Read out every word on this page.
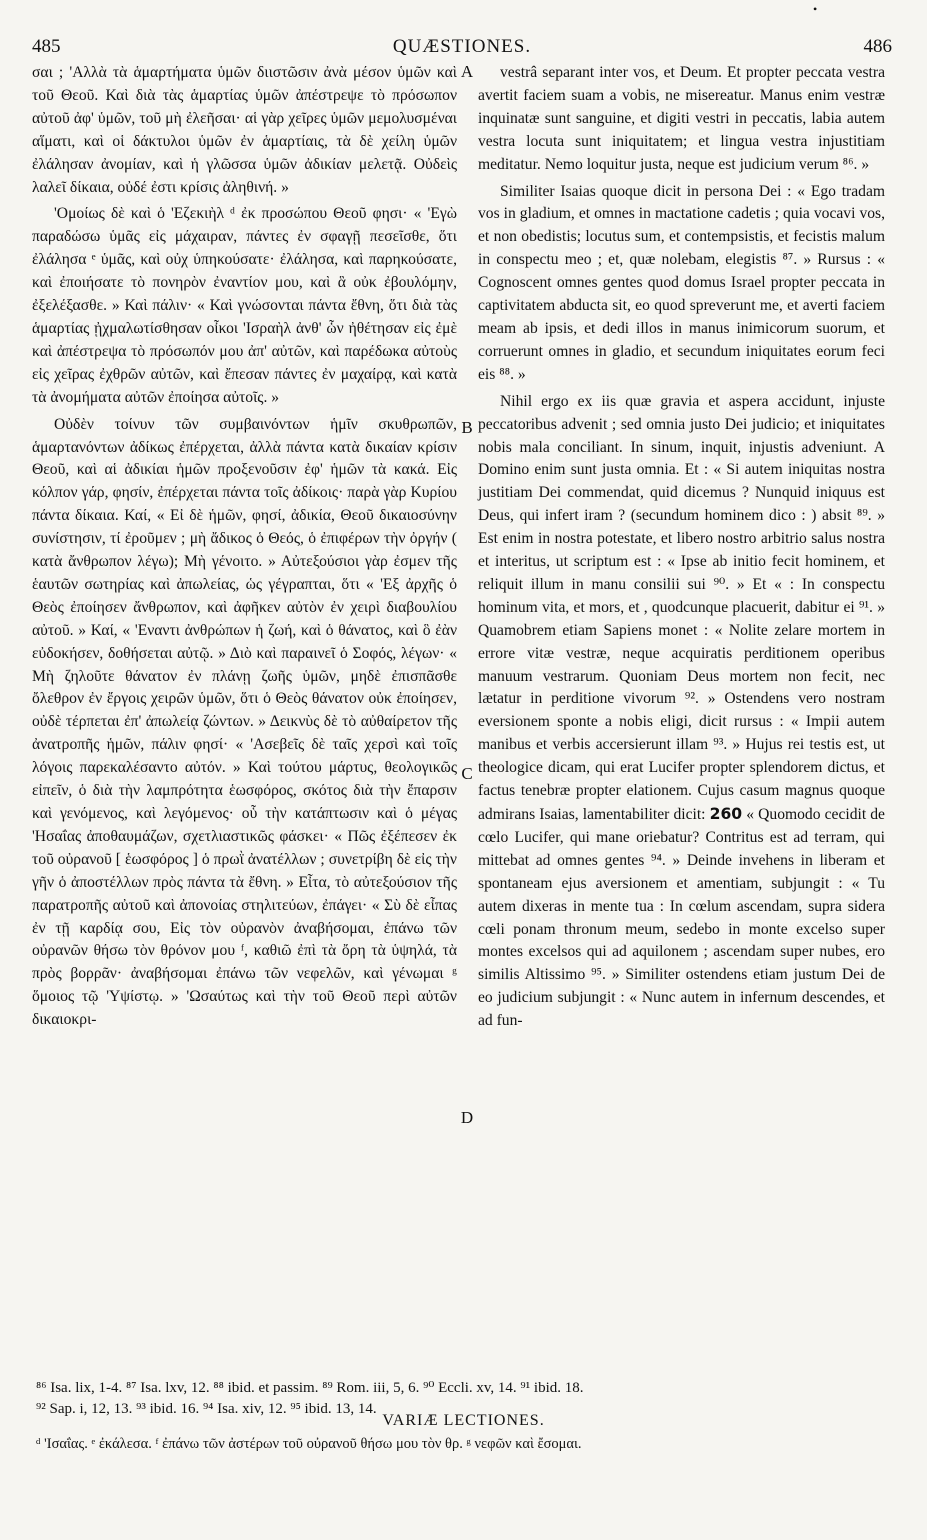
•
485	QUÆSTIONES.	486

σαι ; 'Αλλὰ τὰ ἁμαρτήματα ὑμῶν διιστῶσιν ἀνὰ μέσον ὑμῶν καὶ τοῦ Θεοῦ. Καὶ διὰ τὰς ἁμαρτίας ὑμῶν ἀπέστρεψε τὸ πρόσωπον αὐτοῦ ἀφ' ὑμῶν, τοῦ μὴ ἐλεῆσαι· αἱ γὰρ χεῖρες ὑμῶν μεμολυσμέναι αἵματι, καὶ οἱ δάκτυλοι ὑμῶν ἐν ἁμαρτίαις, τὰ δὲ χείλη ὑμῶν ἐλάλησαν ἀνομίαν, καὶ ἡ γλῶσσα ὑμῶν ἀδικίαν μελετᾷ. Οὐδεὶς λαλεῖ δίκαια, οὐδέ ἐστι κρίσις ἀληθινή. »

'Ομοίως δὲ καὶ ὁ 'Εζεκιὴλ ᵈ ἐκ προσώπου Θεοῦ φησι· « 'Εγὼ παραδώσω ὑμᾶς εἰς μάχαιραν, πάντες ἐν σφαγῇ πεσεῖσθε, ὅτι ἐλάλησα ᵉ ὑμᾶς, καὶ οὐχ ὑπηκούσατε· ἐλάλησα, καὶ παρηκούσατε, καὶ ἐποιήσατε τὸ πονηρὸν ἐναντίον μου, καὶ ἃ οὐκ ἐβουλόμην, ἐξελέξασθε. » Καὶ πάλιν· « Καὶ γνώσονται πάντα ἔθνη, ὅτι διὰ τὰς ἁμαρτίας ᾐχμαλωτίσθησαν οἶκοι 'Ισραὴλ ἀνθ' ὧν ἠθέτησαν εἰς ἐμὲ καὶ ἀπέστρεψα τὸ πρόσωπόν μου ἀπ' αὐτῶν, καὶ παρέδωκα αὐτοὺς εἰς χεῖρας ἐχθρῶν αὐτῶν, καὶ ἔπεσαν πάντες ἐν μαχαίρᾳ, καὶ κατὰ τὰ ἀνομήματα αὐτῶν ἐποίησα αὐτοῖς. »

Οὐδὲν τοίνυν τῶν συμβαινόντων ἡμῖν σκυθρωπῶν, ἁμαρτανόντων ἀδίκως ἐπέρχεται, ἀλλὰ πάντα κατὰ δικαίαν κρίσιν Θεοῦ, καὶ αἱ ἀδικίαι ἡμῶν προξενοῦσιν ἐφ' ἡμῶν τὰ κακά. Εἰς κόλπον γάρ, φησίν, ἐπέρχεται πάντα τοῖς ἀδίκοις· παρὰ γὰρ Κυρίου πάντα δίκαια. Καί, « Εἰ δὲ ἡμῶν, φησί, ἀδικία, Θεοῦ δικαιοσύνην συνίστησιν, τί ἐροῦμεν ; μὴ ἄδικος ὁ Θεός, ὁ ἐπιφέρων τὴν ὀργήν ( κατὰ ἄνθρωπον λέγω); Μὴ γένοιτο. » Αὐτεξούσιοι γὰρ ἐσμεν τῆς ἑαυτῶν σωτηρίας καὶ ἀπωλείας, ὡς γέγραπται, ὅτι « 'Εξ ἀρχῆς ὁ Θεὸς ἐποίησεν ἄνθρωπον, καὶ ἀφῆκεν αὐτὸν ἐν χειρὶ διαβουλίου αὐτοῦ. » Καί, « 'Εναντι ἀνθρώπων ἡ ζωή, καὶ ὁ θάνατος, καὶ ὃ ἐὰν εὐδοκήσεν, δοθήσεται αὐτῷ. » Διὸ καὶ παραινεῖ ὁ Σοφός, λέγων· « Μὴ ζηλοῦτε θάνατον ἐν πλάνῃ ζωῆς ὑμῶν, μηδὲ ἐπισπᾶσθε ὄλεθρον ἐν ἔργοις χειρῶν ὑμῶν, ὅτι ὁ Θεὸς θάνατον οὐκ ἐποίησεν, οὐδὲ τέρπεται ἐπ' ἀπωλείᾳ ζώντων. » Δεικνὺς δὲ τὸ αὐθαίρετον τῆς ἀνατροπῆς ἡμῶν, πάλιν φησί· « 'Ασεβεῖς δὲ ταῖς χερσὶ καὶ τοῖς λόγοις παρεκαλέσαντο αὐτόν. » Καὶ τούτου μάρτυς, θεολογικῶς εἰπεῖν, ὁ διὰ τὴν λαμπρότητα ἑωσφόρος, σκότος διὰ τὴν ἔπαρσιν καὶ γενόμενος, καὶ λεγόμενος· οὗ τὴν κατάπτωσιν καὶ ὁ μέγας 'Ησαΐας ἀποθαυμάζων, σχετλιαστικῶς φάσκει· « Πῶς ἐξέπεσεν ἐκ τοῦ οὐρανοῦ [ ἑωσφόρος ] ὁ πρωῒ ἀνατέλλων ; συνετρίβη δὲ εἰς τὴν γῆν ὁ ἀποστέλλων πρὸς πάντα τὰ ἔθνη. » Εἶτα, τὸ αὐτεξούσιον τῆς παρατροπῆς αὐτοῦ καὶ ἀπονοίας στηλιτεύων, ἐπάγει· « Σὺ δὲ εἶπας ἐν τῇ καρδίᾳ σου, Εἰς τὸν οὐρανὸν ἀναβήσομαι, ἐπάνω τῶν οὐρανῶν θήσω τὸν θρόνον μου ᶠ, καθιῶ ἐπὶ τὰ ὄρη τὰ ὑψηλά, τὰ πρὸς βορρᾶν· ἀναβήσομαι ἐπάνω τῶν νεφελῶν, καὶ γένωμαι ᵍ ὅμοιος τῷ 'Υψίστῳ. » 'Ωσαύτως καὶ τὴν τοῦ Θεοῦ περὶ αὐτῶν δικαιοκρι-

A
B
C
D

vestrâ separant inter vos, et Deum. Et propter peccata vestra avertit faciem suam a vobis, ne misereatur. Manus enim vestræ inquinatæ sunt sanguine, et digiti vestri in peccatis, labia autem vestra locuta sunt iniquitatem; et lingua vestra injustitiam meditatur. Nemo loquitur justa, neque est judicium verum ⁸⁶. »

Similiter Isaias quoque dicit in persona Dei : « Ego tradam vos in gladium, et omnes in mactatione cadetis ; quia vocavi vos, et non obedistis; locutus sum, et contempsistis, et fecistis malum in conspectu meo ; et, quæ nolebam, elegistis ⁸⁷. » Rursus : « Cognoscent omnes gentes quod domus Israel propter peccata in captivitatem abducta sit, eo quod spreverunt me, et averti faciem meam ab ipsis, et dedi illos in manus inimicorum suorum, et corruerunt omnes in gladio, et secundum iniquitates eorum feci eis ⁸⁸. »

Nihil ergo ex iis quæ gravia et aspera accidunt, injuste peccatoribus advenit ; sed omnia justo Dei judicio; et iniquitates nobis mala conciliant. In sinum, inquit, injustis adveniunt. A Domino enim sunt justa omnia. Et : « Si autem iniquitas nostra justitiam Dei commendat, quid dicemus ? Nunquid iniquus est Deus, qui infert iram ? (secundum hominem dico : ) absit ⁸⁹. » Est enim in nostra potestate, et libero nostro arbitrio salus nostra et interitus, ut scriptum est : « Ipse ab initio fecit hominem, et reliquit illum in manu consilii sui ⁹⁰. » Et « : In conspectu hominum vita, et mors, et , quodcunque placuerit, dabitur ei ⁹¹. » Quamobrem etiam Sapiens monet : « Nolite zelare mortem in errore vitæ vestræ, neque acquiratis perditionem operibus manuum vestrarum. Quoniam Deus mortem non fecit, nec lætatur in perditione vivorum ⁹². » Ostendens vero nostram eversionem sponte a nobis eligi, dicit rursus : « Impii autem manibus et verbis accersierunt illam ⁹³. » Hujus rei testis est, ut theologice dicam, qui erat Lucifer propter splendorem dictus, et factus tenebræ propter elationem. Cujus casum magnus quoque admirans Isaias, lamentabiliter dicit: 260 « Quomodo cecidit de cœlo Lucifer, qui mane oriebatur? Contritus est ad terram, qui mittebat ad omnes gentes ⁹⁴. » Deinde invehens in liberam et spontaneam ejus aversionem et amentiam, subjungit : « Tu autem dixeras in mente tua : In cœlum ascendam, supra sidera cœli ponam thronum meum, sedebo in monte excelso super montes excelsos qui ad aquilonem ; ascendam super nubes, ero similis Altissimo ⁹⁵. » Similiter ostendens etiam justum Dei de eo judicium subjungit : « Nunc autem in infernum descendes, et ad fun-

⁸⁶ Isa. lix, 1-4. ⁸⁷ Isa. lxv, 12. ⁸⁸ ibid. et passim. ⁸⁹ Rom. iii, 5, 6. ⁹⁰ Eccli. xv, 14. ⁹¹ ibid. 18.
⁹² Sap. i, 12, 13. ⁹³ ibid. 16. ⁹⁴ Isa. xiv, 12. ⁹⁵ ibid. 13, 14.
VARIÆ LECTIONES.
ᵈ 'Ισαΐας. ᵉ ἐκάλεσα. ᶠ ἐπάνω τῶν ἀστέρων τοῦ οὐρανοῦ θήσω μου τὸν θρ. ᵍ νεφῶν καὶ ἔσομαι.
